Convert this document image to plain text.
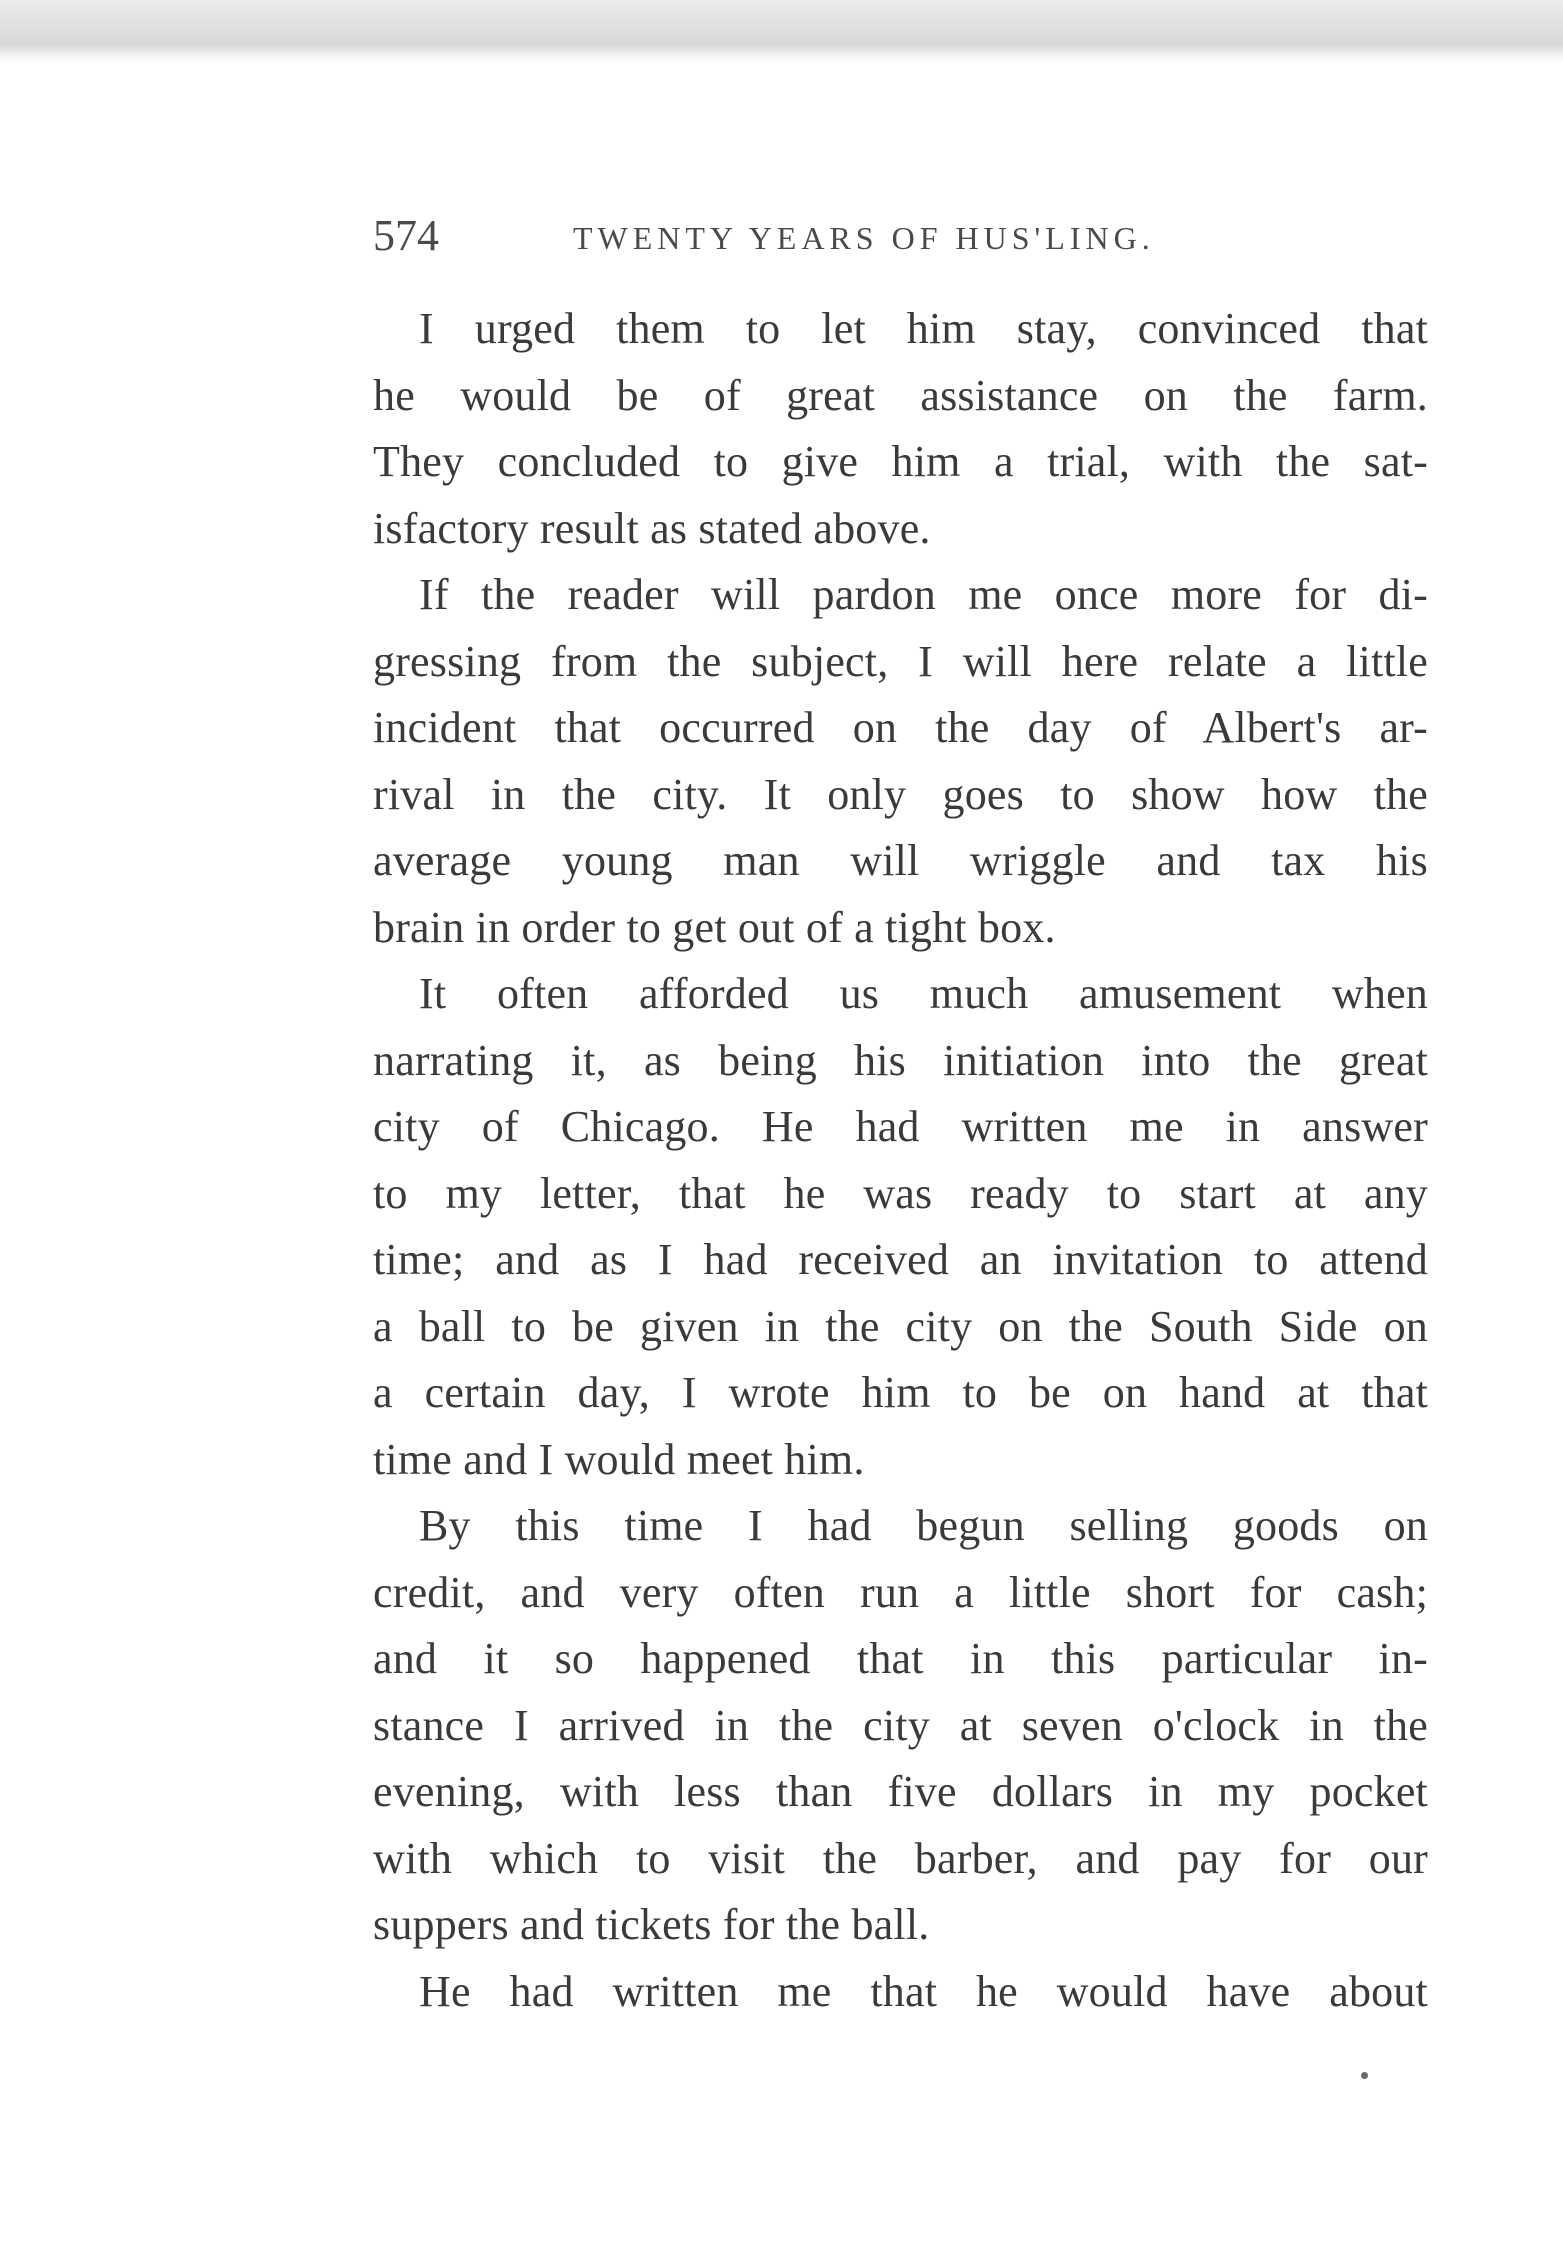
574	TWENTY YEARS OF HUS'LING.
I urged them to let him stay, convinced that
he would be of great assistance on the farm.
They concluded to give him a trial, with the sat-
isfactory result as stated above.
If the reader will pardon me once more for di-
gressing from the subject, I will here relate a little
incident that occurred on the day of Albert's ar-
rival in the city. It only goes to show how the
average young man will wriggle and tax his
brain in order to get out of a tight box.
It often afforded us much amusement when
narrating it, as being his initiation into the great
city of Chicago. He had written me in answer
to my letter, that he was ready to start at any
time; and as I had received an invitation to attend
a ball to be given in the city on the South Side on
a certain day, I wrote him to be on hand at that
time and I would meet him.
By this time I had begun selling goods on
credit, and very often run a little short for cash;
and it so happened that in this particular in-
stance I arrived in the city at seven o'clock in the
evening, with less than five dollars in my pocket
with which to visit the barber, and pay for our
suppers and tickets for the ball.
He had written me that he would have about
